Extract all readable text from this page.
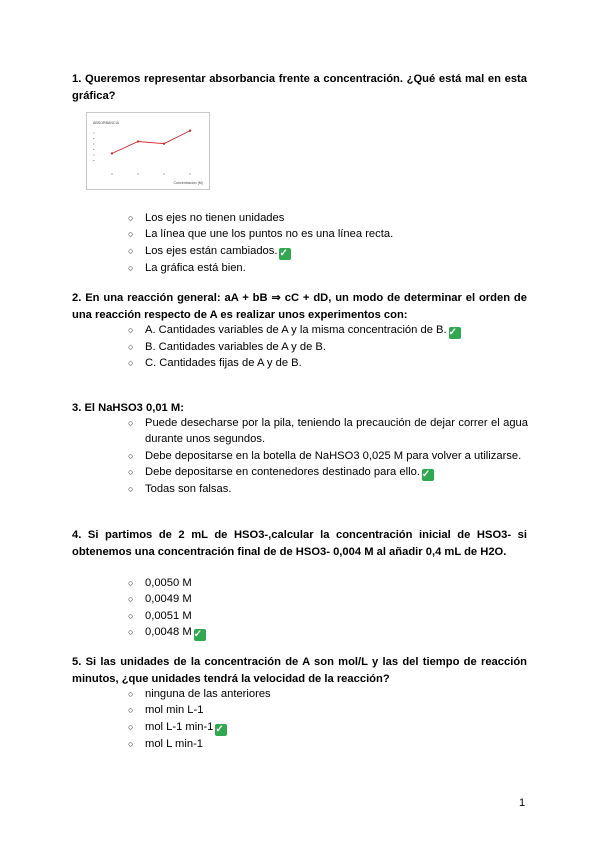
1. Queremos representar absorbancia frente a concentración. ¿Qué está mal en esta gráfica?
ABSORBANCIA
Concentración (M)
○ Los ejes no tienen unidades
○ La línea que une los puntos no es una línea recta.
○ Los ejes están cambiados. ✓
○ La gráfica está bien.
2. En una reacción general: aA + bB ⇒ cC + dD, un modo de determinar el orden de una reacción respecto de A es realizar unos experimentos con:
○ A. Cantidades variables de A y la misma concentración de B. ✓
○ B. Cantidades variables de A y de B.
○ C. Cantidades fijas de A y de B.
3. El NaHSO3 0,01 M:
○ Puede desecharse por la pila, teniendo la precaución de dejar correr el agua durante unos segundos.
○ Debe depositarse en la botella de NaHSO3 0,025 M para volver a utilizarse.
○ Debe depositarse en contenedores destinado para ello. ✓
○ Todas son falsas.
4. Si partimos de 2 mL de HSO3-,calcular la concentración inicial de HSO3- si obtenemos una concentración final de de HSO3- 0,004 M al añadir 0,4 mL de H2O.
○ 0,0050 M
○ 0,0049 M
○ 0,0051 M
○ 0,0048 M ✓
5. Si las unidades de la concentración de A son mol/L y las del tiempo de reacción minutos, ¿que unidades tendrá la velocidad de la reacción?
○ ninguna de las anteriores
○ mol min L-1
○ mol L-1 min-1 ✓
○ mol L min-1
1
